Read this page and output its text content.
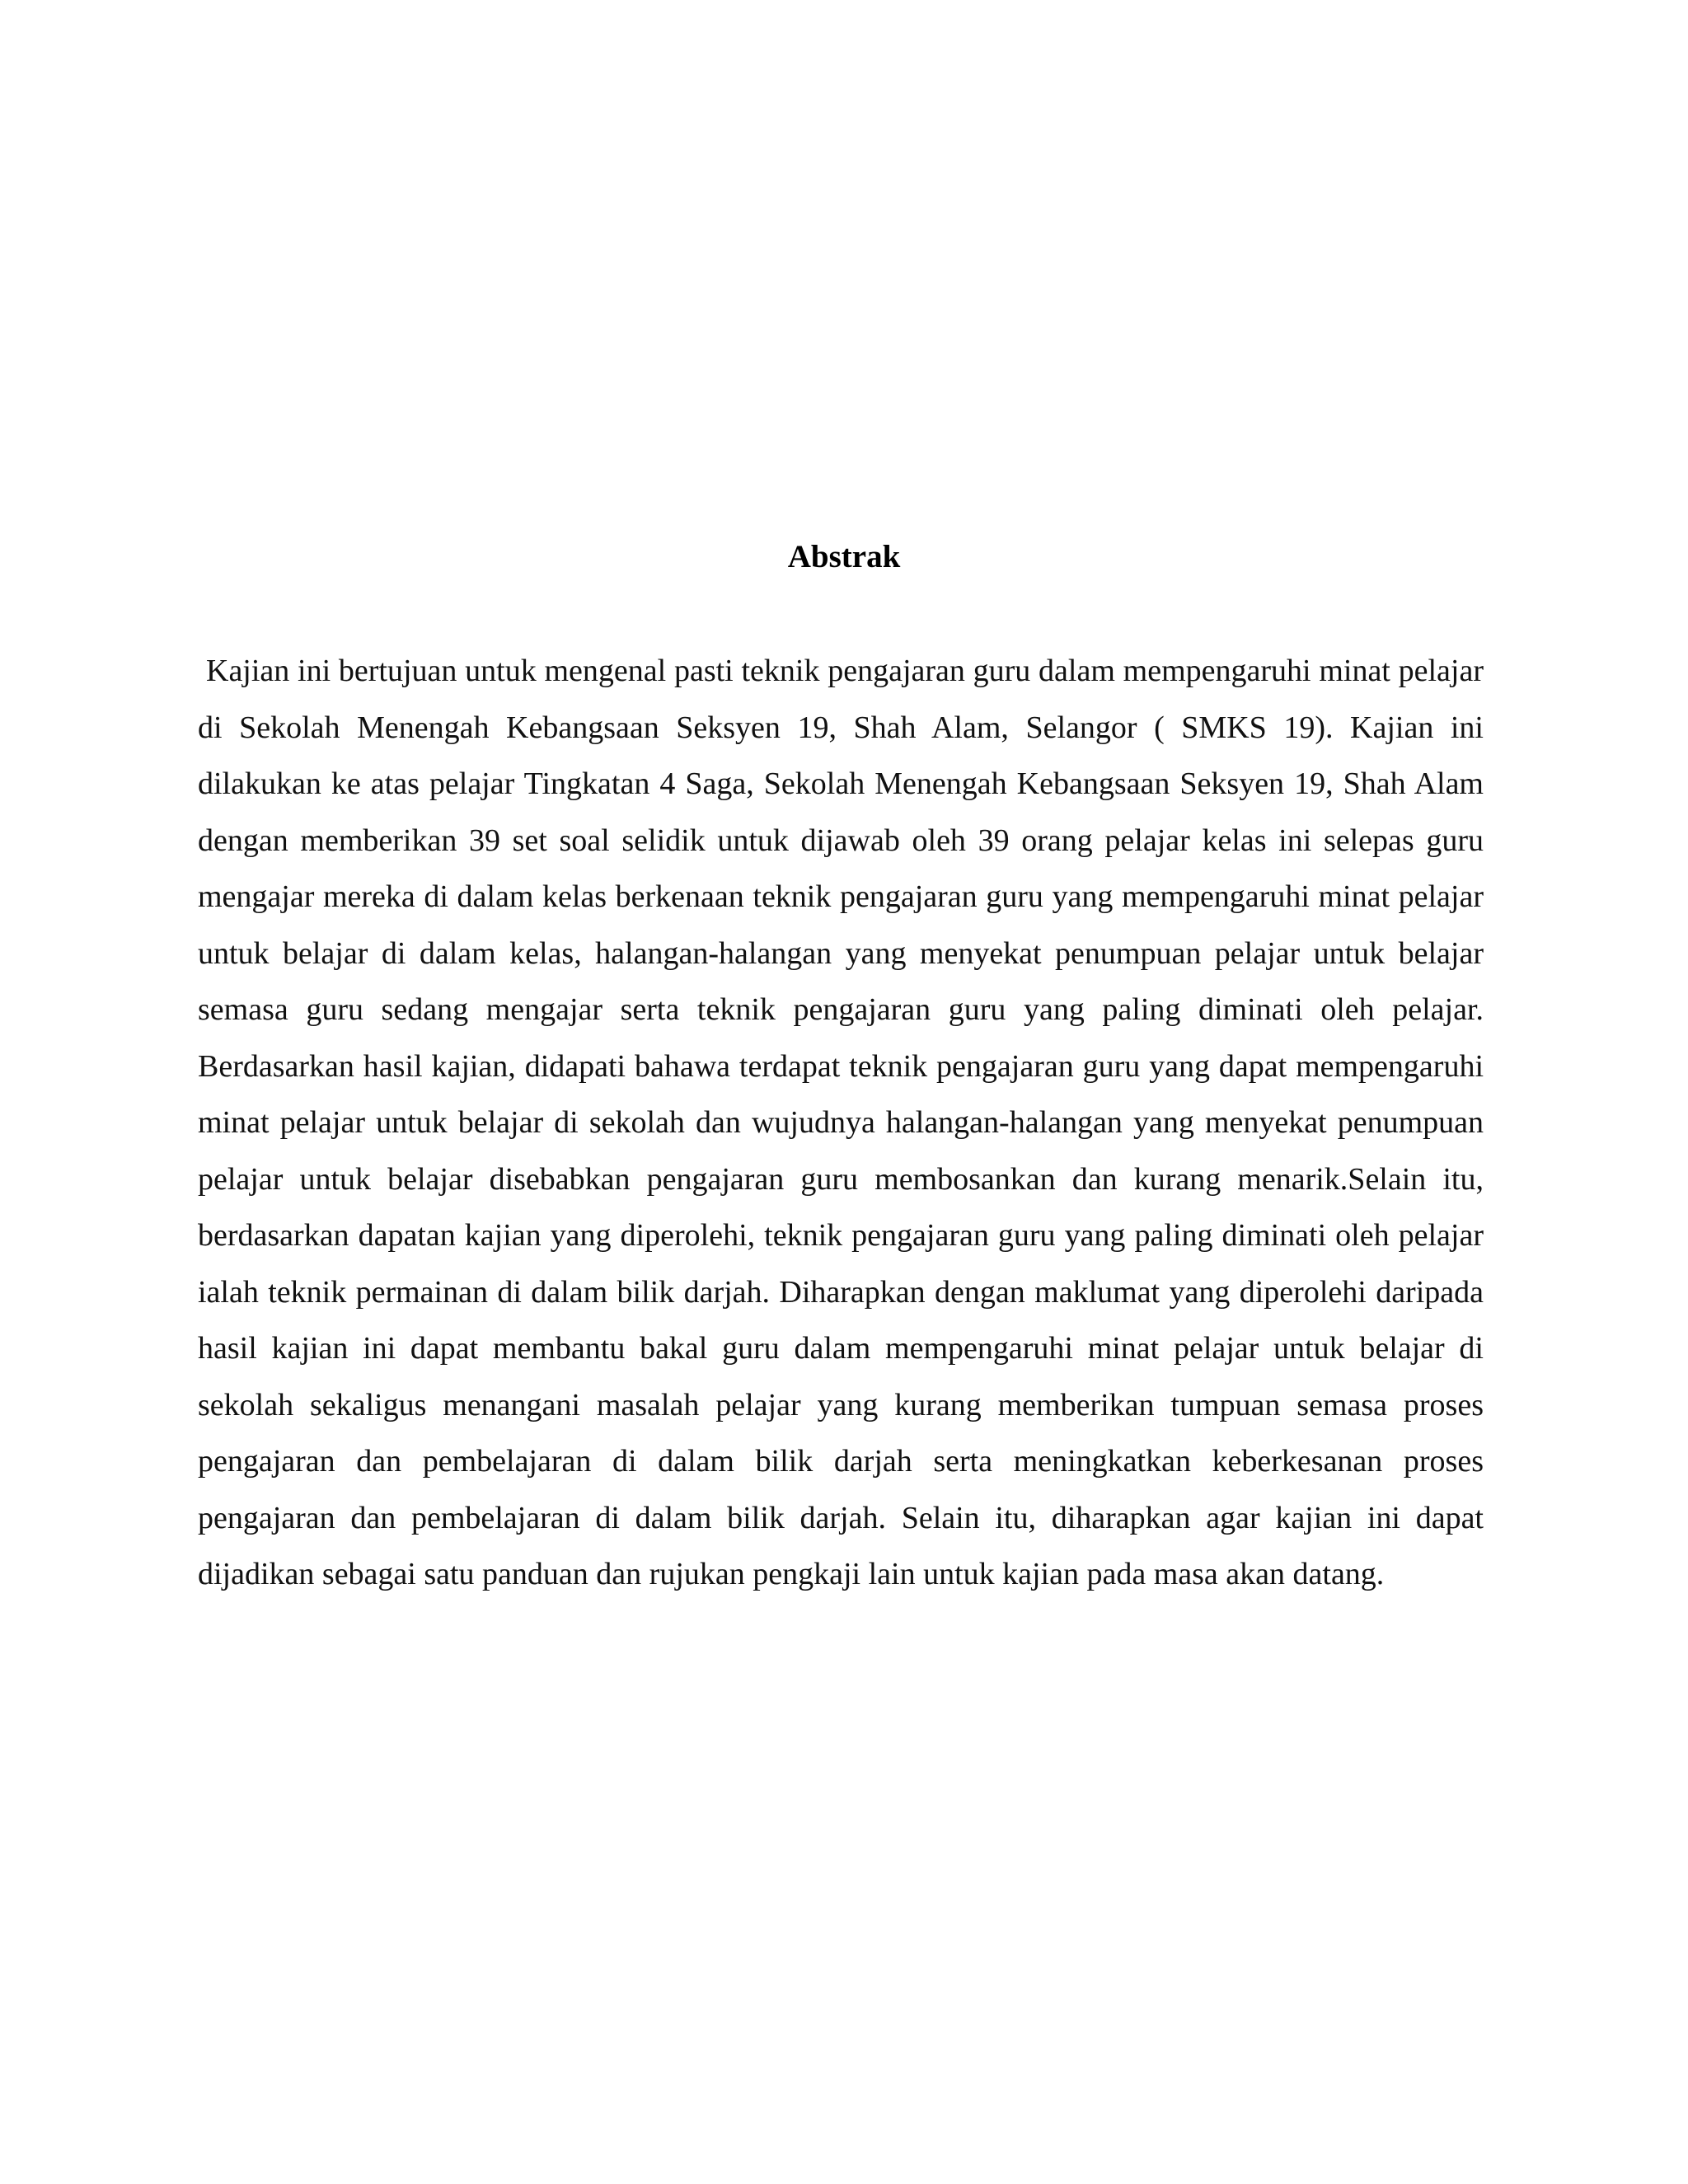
Abstrak

Kajian ini bertujuan untuk mengenal pasti teknik pengajaran guru dalam mempengaruhi minat pelajar di Sekolah Menengah Kebangsaan Seksyen 19, Shah Alam, Selangor ( SMKS 19). Kajian ini dilakukan ke atas pelajar Tingkatan 4 Saga, Sekolah Menengah Kebangsaan Seksyen 19, Shah Alam dengan memberikan 39 set soal selidik untuk dijawab oleh 39 orang pelajar kelas ini selepas guru mengajar mereka di dalam kelas berkenaan teknik pengajaran guru yang mempengaruhi minat pelajar untuk belajar di dalam kelas, halangan-halangan yang menyekat penumpuan pelajar untuk belajar semasa guru sedang mengajar serta teknik pengajaran guru yang paling diminati oleh pelajar. Berdasarkan hasil kajian, didapati bahawa terdapat teknik pengajaran guru yang dapat mempengaruhi minat pelajar untuk belajar di sekolah dan wujudnya halangan-halangan yang menyekat penumpuan pelajar untuk belajar disebabkan pengajaran guru membosankan dan kurang menarik.Selain itu, berdasarkan dapatan kajian yang diperolehi, teknik pengajaran guru yang paling diminati oleh pelajar ialah teknik permainan di dalam bilik darjah. Diharapkan dengan maklumat yang diperolehi daripada hasil kajian ini dapat membantu bakal guru dalam mempengaruhi minat pelajar untuk belajar di sekolah sekaligus menangani masalah pelajar yang kurang memberikan tumpuan semasa proses pengajaran dan pembelajaran di dalam bilik darjah serta meningkatkan keberkesanan proses pengajaran dan pembelajaran di dalam bilik darjah. Selain itu, diharapkan agar kajian ini dapat dijadikan sebagai satu panduan dan rujukan pengkaji lain untuk kajian pada masa akan datang.
